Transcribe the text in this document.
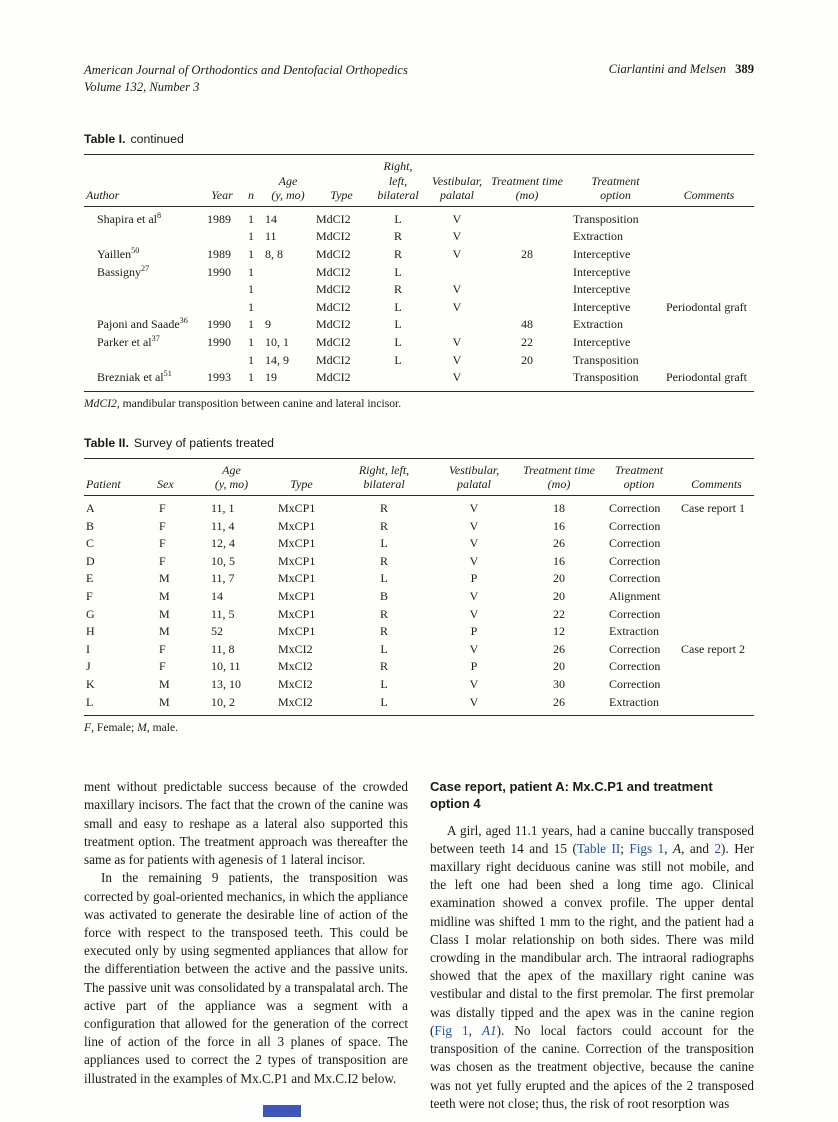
American Journal of Orthodontics and Dentofacial Orthopedics
Volume 132, Number 3
Ciarlantini and Melsen 389
Table I. continued
Author	Year	n	Age
(y, mo)	Type	Right,
left,
bilateral	Vestibular,
palatal	Treatment time
(mo)	Treatment
option	Comments
Shapira et $al^8$	1989	1	14	MdCI2	L	V		Transposition	
		1	11	MdCI2	R	V		Extraction	
Yaillen$^{50}$	1989	1	8, 8	MdCI2	R	V	28	Interceptive	
Bassigny$^{27}$	1990	1		MdCI2	L			Interceptive	
		1		MdCI2	R	V		Interceptive	
		1		MdCI2	L	V		Interceptive	Periodontal graft
Pajoni and Saade$^{36}$	1990	1	9	MdCI2	L		48	Extraction	
Parker et $al^{37}$	1990	1	10, 1	MdCI2	L	V	22	Interceptive	
		1	14, 9	MdCI2	L	V	20	Transposition	
Brezniak et $al^{51}$	1993	1	19	MdCI2		V		Transposition	Periodontal graft
MdCI2, mandibular transposition between canine and lateral incisor.
Table II. Survey of patients treated
Patient	Sex	Age
(y, mo)	Type	Right, left,
bilateral	Vestibular,
palatal	Treatment time
(mo)	Treatment
option	Comments
A	F	11, 1	MxCP1	R	V	18	Correction	Case report 1
B	F	11, 4	MxCP1	R	V	16	Correction	
C	F	12, 4	MxCP1	L	V	26	Correction	
D	F	10, 5	MxCP1	R	V	16	Correction	
E	M	11, 7	MxCP1	L	P	20	Correction	
F	M	14	MxCP1	B	V	20	Alignment	
G	M	11, 5	MxCP1	R	V	22	Correction	
H	M	52	MxCP1	R	P	12	Extraction	
I	F	11, 8	MxCI2	L	V	26	Correction	Case report 2
J	F	10, 11	MxCI2	R	P	20	Correction	
K	M	13, 10	MxCI2	L	V	30	Correction	
L	M	10, 2	MxCI2	L	V	26	Extraction	
F, Female; M, male.

ment without predictable success because of the crowded maxillary incisors. The fact that the crown of the canine was small and easy to reshape as a lateral also supported this treatment option. The treatment approach was thereafter the same as for patients with agenesis of 1 lateral incisor.

In the remaining 9 patients, the transposition was corrected by goal-oriented mechanics, in which the appliance was activated to generate the desirable line of action of the force with respect to the transposed teeth. This could be executed only by using segmented appliances that allow for the differentiation between the active and the passive units. The passive unit was consolidated by a transpalatal arch. The active part of the appliance was a segment with a configuration that allowed for the generation of the correct line of action of the force in all 3 planes of space. The appliances used to correct the 2 types of transposition are illustrated in the examples of Mx.C.P1 and Mx.C.I2 below.

Case report, patient A: Mx.C.P1 and treatment option 4

A girl, aged 11.1 years, had a canine buccally transposed between teeth 14 and 15 (Table II; Figs 1, A, and 2). Her maxillary right deciduous canine was still not mobile, and the left one had been shed a long time ago. Clinical examination showed a convex profile. The upper dental midline was shifted 1 mm to the right, and the patient had a Class I molar relationship on both sides. There was mild crowding in the mandibular arch. The intraoral radiographs showed that the apex of the maxillary right canine was vestibular and distal to the first premolar. The first premolar was distally tipped and the apex was in the canine region (Fig 1, A1). No local factors could account for the transposition of the canine. Correction of the transposition was chosen as the treatment objective, because the canine was not yet fully erupted and the apices of the 2 transposed teeth were not close; thus, the risk of root resorption was
